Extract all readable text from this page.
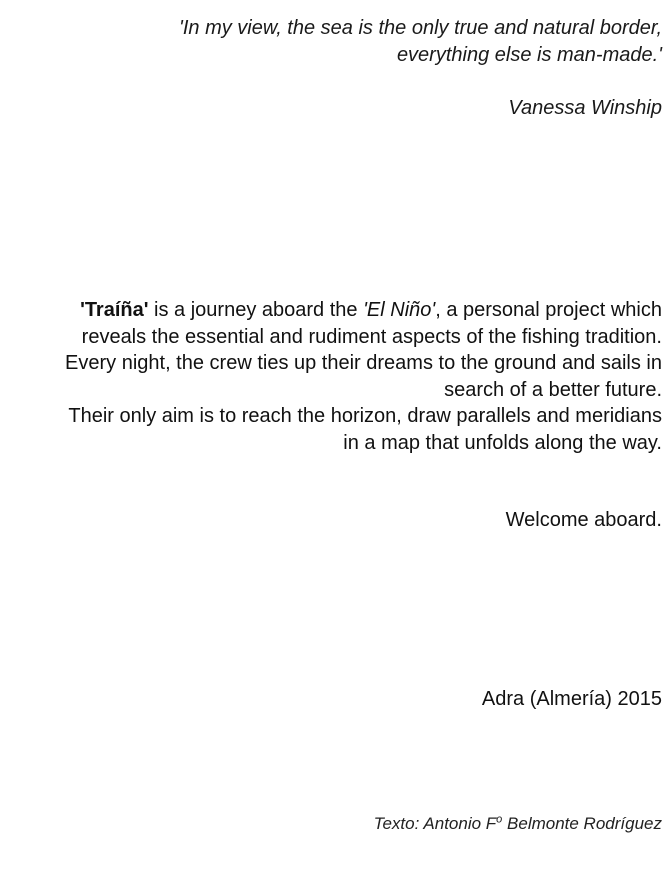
'In my view, the sea is the only true and natural border,
everything else is man-made.'
Vanessa Winship
'Traíña' is a journey aboard the 'El Niño', a personal project which
reveals the essential and rudiment aspects of the fishing tradition.
Every night, the crew ties up their dreams to the ground and sails in
search of a better future.
Their only aim is to reach the horizon, draw parallels and meridians
in a map that unfolds along the way.
Welcome aboard.
Adra (Almería) 2015
Texto: Antonio $F^o$ Belmonte Rodríguez
